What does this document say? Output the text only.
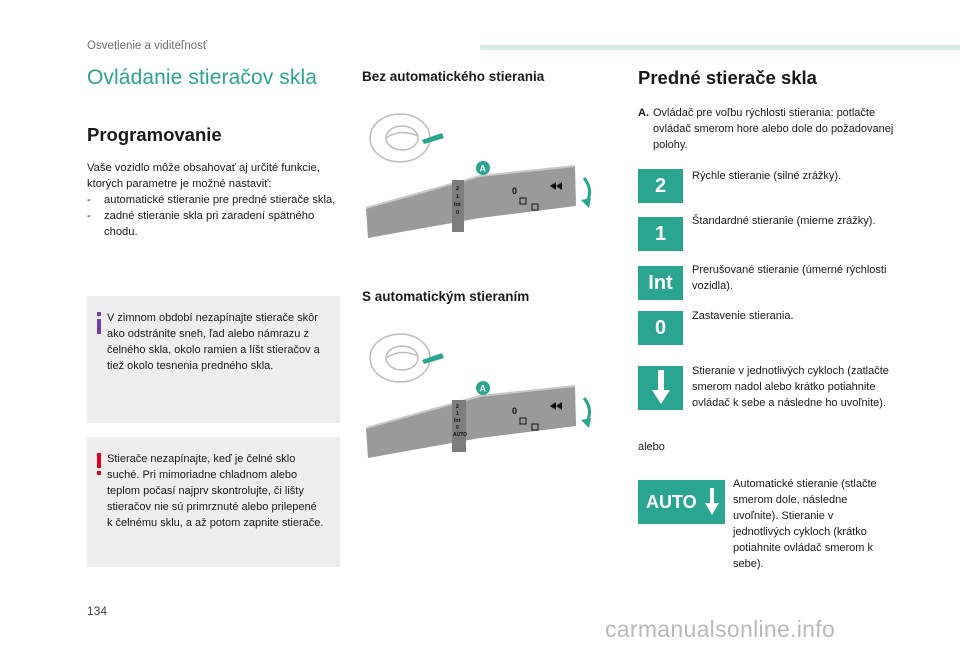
Osvetlenie a viditeľnosť
Ovládanie stieračov skla
Programovanie

Vaše vozidlo môže obsahovať aj určité funkcie, ktorých parametre je možné nastaviť:

- automatické stieranie pre predné stierače skla,
- zadné stieranie skla pri zaradení spätného chodu.
V zimnom období nezapínajte stierače skôr ako odstránite sneh, ľad alebo námrazu z čelného skla, okolo ramien a líšt stieračov a tiež okolo tesnenia predného skla.
Stierače nezapínajte, keď je čelné sklo suché. Pri mimoriadne chladnom alebo teplom počasí najprv skontrolujte, či lišty stieračov nie sú primrznuté alebo prilepené k čelnému sklu, a až potom zapnite stierače.
Bez automatického stierania
2
1
Int
0
0
A
S automatickým stieraním
2
1
Int
0
AUTO
0
A
Predné stierače skla

A. Ovládač pre voľbu rýchlosti stierania: potlačte ovládač smerom hore alebo dole do požadovanej polohy.

2	Rýchle stieranie (silné zrážky).
1
Štandardné stieranie (mierne zrážky).
Int
Prerušované stieranie (úmerné rýchlosti vozidla).
0
Zastavenie stierania.
Stieranie v jednotlivých cykloch (zatlačte smerom nadol alebo krátko potiahnite ovládač k sebe a následne ho uvoľnite).
alebo
AUTO
Automatické stieranie (stlačte smerom dole, následne uvoľnite). Stieranie v jednotlivých cykloch (krátko potiahnite ovládač smerom k sebe).
134
carmanualsonline.info
